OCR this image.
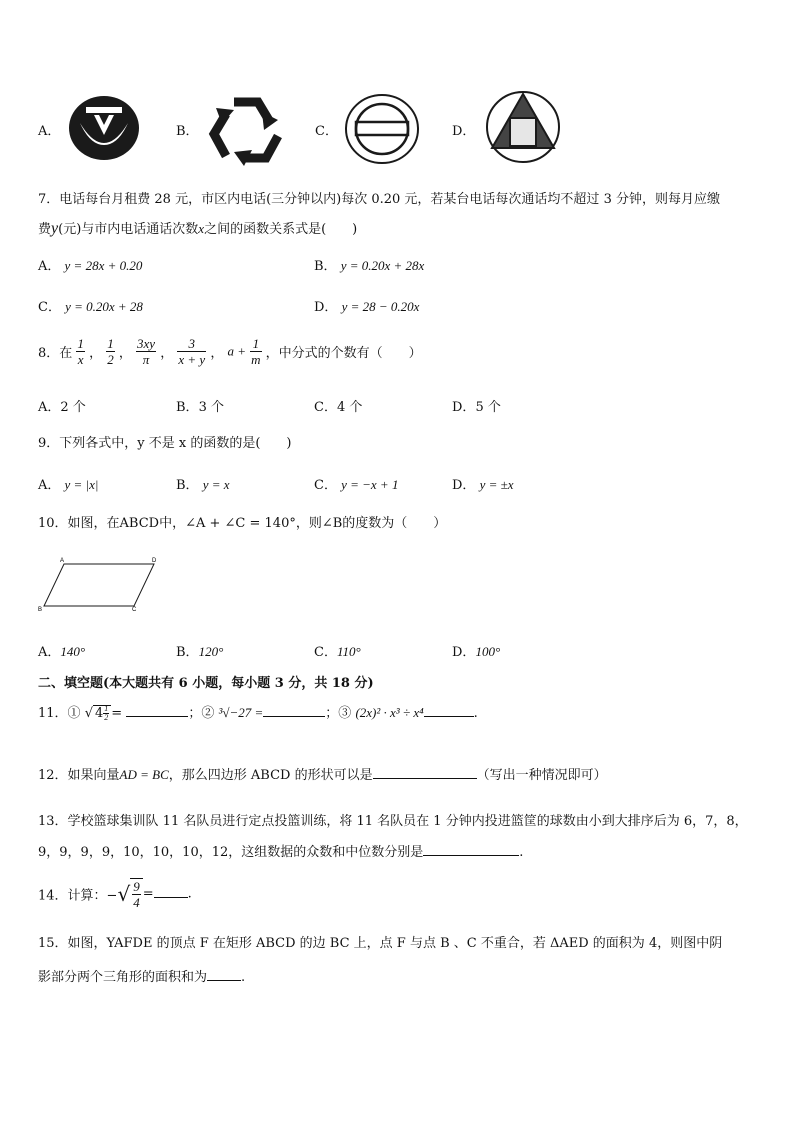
A．	B．	C．	D．
7．电话每台月租费 28 元，市区内电话(三分钟以内)每次 0.20 元，若某台电话每次通话均不超过 3 分钟，则每月应缴
费y(元)与市内电话通话次数x之间的函数关系式是(　　)
A． y = 28x + 0.20	B． y = 0.20x + 28x
C． y = 0.20x + 28	D． y = 28 − 0.20x
8．在 $\frac{1}{x}$ ， $\frac{1}{2}$ ， $\frac{3xy}{\pi}$ ， $\frac{3}{x + y}$ ， $a + \frac{1}{m}$ ，中分式的个数有（　　）
A．2 个	B．3 个	C．4 个	D．5 个
9．下列各式中，y 不是 x 的函数的是(　　)
A． y = |x|	B． y = x	C． y = −x + 1	D． y = ±x
10．如图，在ABCD中，∠A + ∠C = 140°，则∠B的度数为（　　）
A	D
B	C
A．140°	B．120°	C．110°	D．100°
二、填空题(本大题共有 6 小题，每小题 3 分，共 18 分)
11．① √ $4 \frac{1}{2}$ =	；② ³√−27 =	；③ (2x)² · x³ ÷ x⁴	.
12．如果向量AD = BC，那么四边形 ABCD 的形状可以是	（写出一种情况即可）
13．学校篮球集训队 11 名队员进行定点投篮训练，将 11 名队员在 1 分钟内投进篮筐的球数由小到大排序后为 6，7，8，
9，9，9，9，10，10，10，12，这组数据的众数和中位数分别是	.
14．计算：−√ $\frac{9}{4}$ =	.
15．如图，YAFDE 的顶点 F 在矩形 ABCD 的边 BC 上，点 F 与点 B 、C 不重合，若 ΔAED 的面积为 4，则图中阴
影部分两个三角形的面积和为	.
